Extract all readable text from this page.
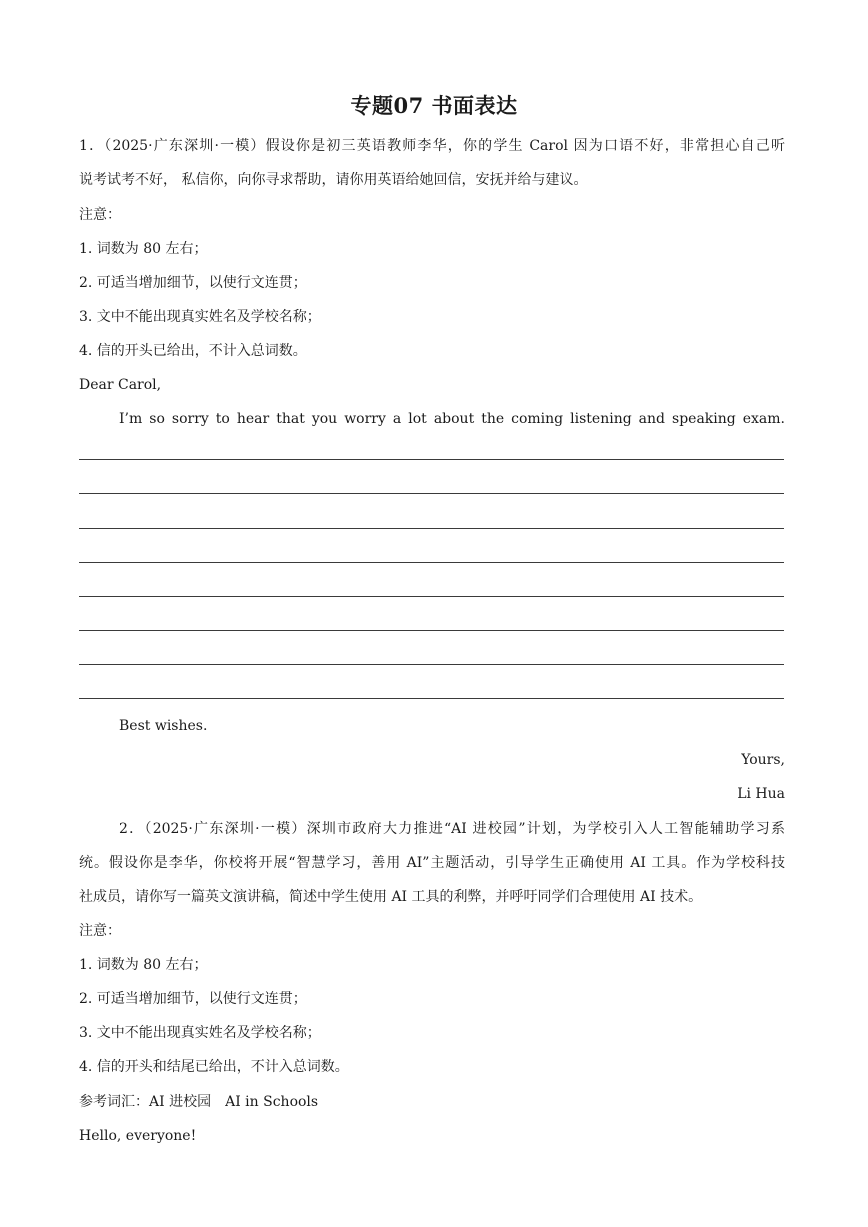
专题07 书面表达
1．（2025·广东深圳·一模）假设你是初三英语教师李华，你的学生 Carol 因为口语不好，非常担心自己听
说考试考不好， 私信你，向你寻求帮助，请你用英语给她回信，安抚并给与建议。
注意：
1. 词数为 80 左右；
2. 可适当增加细节，以使行文连贯；
3. 文中不能出现真实姓名及学校名称；
4. 信的开头已给出，不计入总词数。
Dear Carol,
I’m so sorry to hear that you worry a lot about the coming listening and speaking exam.
Best wishes.
Yours,
Li Hua
2．（2025·广东深圳·一模）深圳市政府大力推进“AI 进校园”计划，为学校引入人工智能辅助学习系
统。假设你是李华，你校将开展“智慧学习，善用 AI”主题活动，引导学生正确使用 AI 工具。作为学校科技
社成员，请你写一篇英文演讲稿，简述中学生使用 AI 工具的利弊，并呼吁同学们合理使用 AI 技术。
注意：
1. 词数为 80 左右；
2. 可适当增加细节，以使行文连贯；
3. 文中不能出现真实姓名及学校名称；
4. 信的开头和结尾已给出，不计入总词数。
参考词汇：AI 进校园　AI in Schools
Hello, everyone!
